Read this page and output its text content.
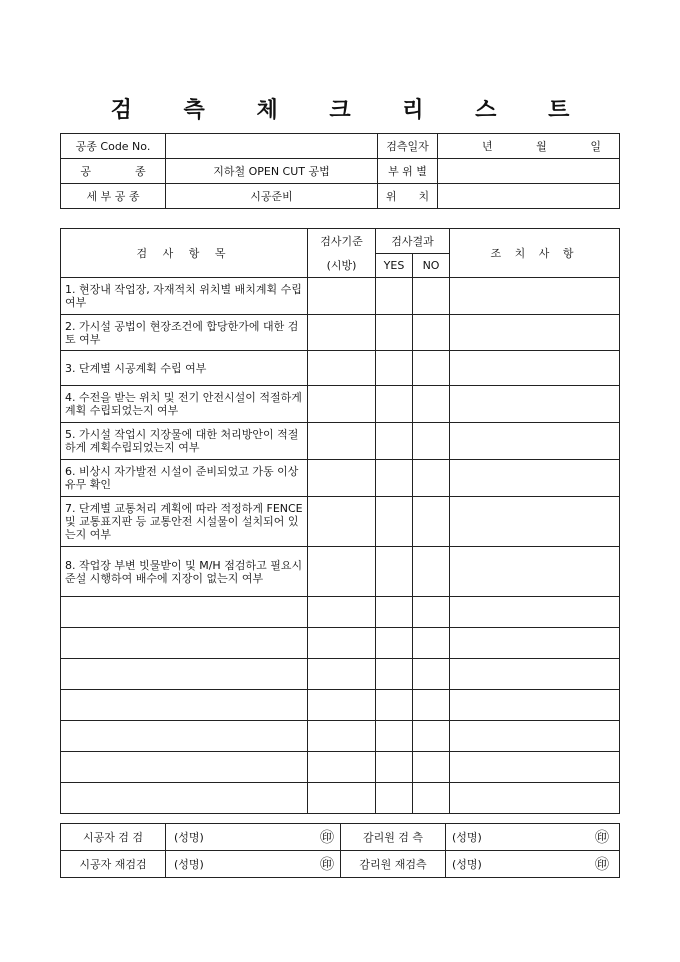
검 측 체 크 리 스 트
공종 Code No.		검측일자	년 월 일

공　　　　종	지하철 OPEN CUT 공법	부 위 별	
세 부 공 종	시공준비	위　　치	
검 사 항 목	검사기준	검사결과		조 치 사 항
	(시방)	YES	NO	
1. 현장내 작업장, 자재적치 위치별 배치계획 수립 여부				
2. 가시설 공법이 현장조건에 합당한가에 대한 검토 여부				
3. 단계별 시공계획 수립 여부				
4. 수전을 받는 위치 및 전기 안전시설이 적절하게 계획 수립되었는지 여부				
5. 가시설 작업시 지장물에 대한 처리방안이 적절하게 계획수립되었는지 여부				
6. 비상시 자가발전 시설이 준비되었고 가동 이상 유무 확인				
7. 단계별 교통처리 계획에 따라 적정하게 FENCE 및 교통표지판 등 교통안전 시설물이 설치되어 있는지 여부				
8. 작업장 부변 빗물받이 및 M/H 점검하고 필요시 준설 시행하여 배수에 지장이 없는지 여부				

시공자 검 검	(성명) ㊞	감리원 검 측	(성명) ㊞

시공자 재검검	(성명) ㊞	감리원 재검측	(성명) ㊞
